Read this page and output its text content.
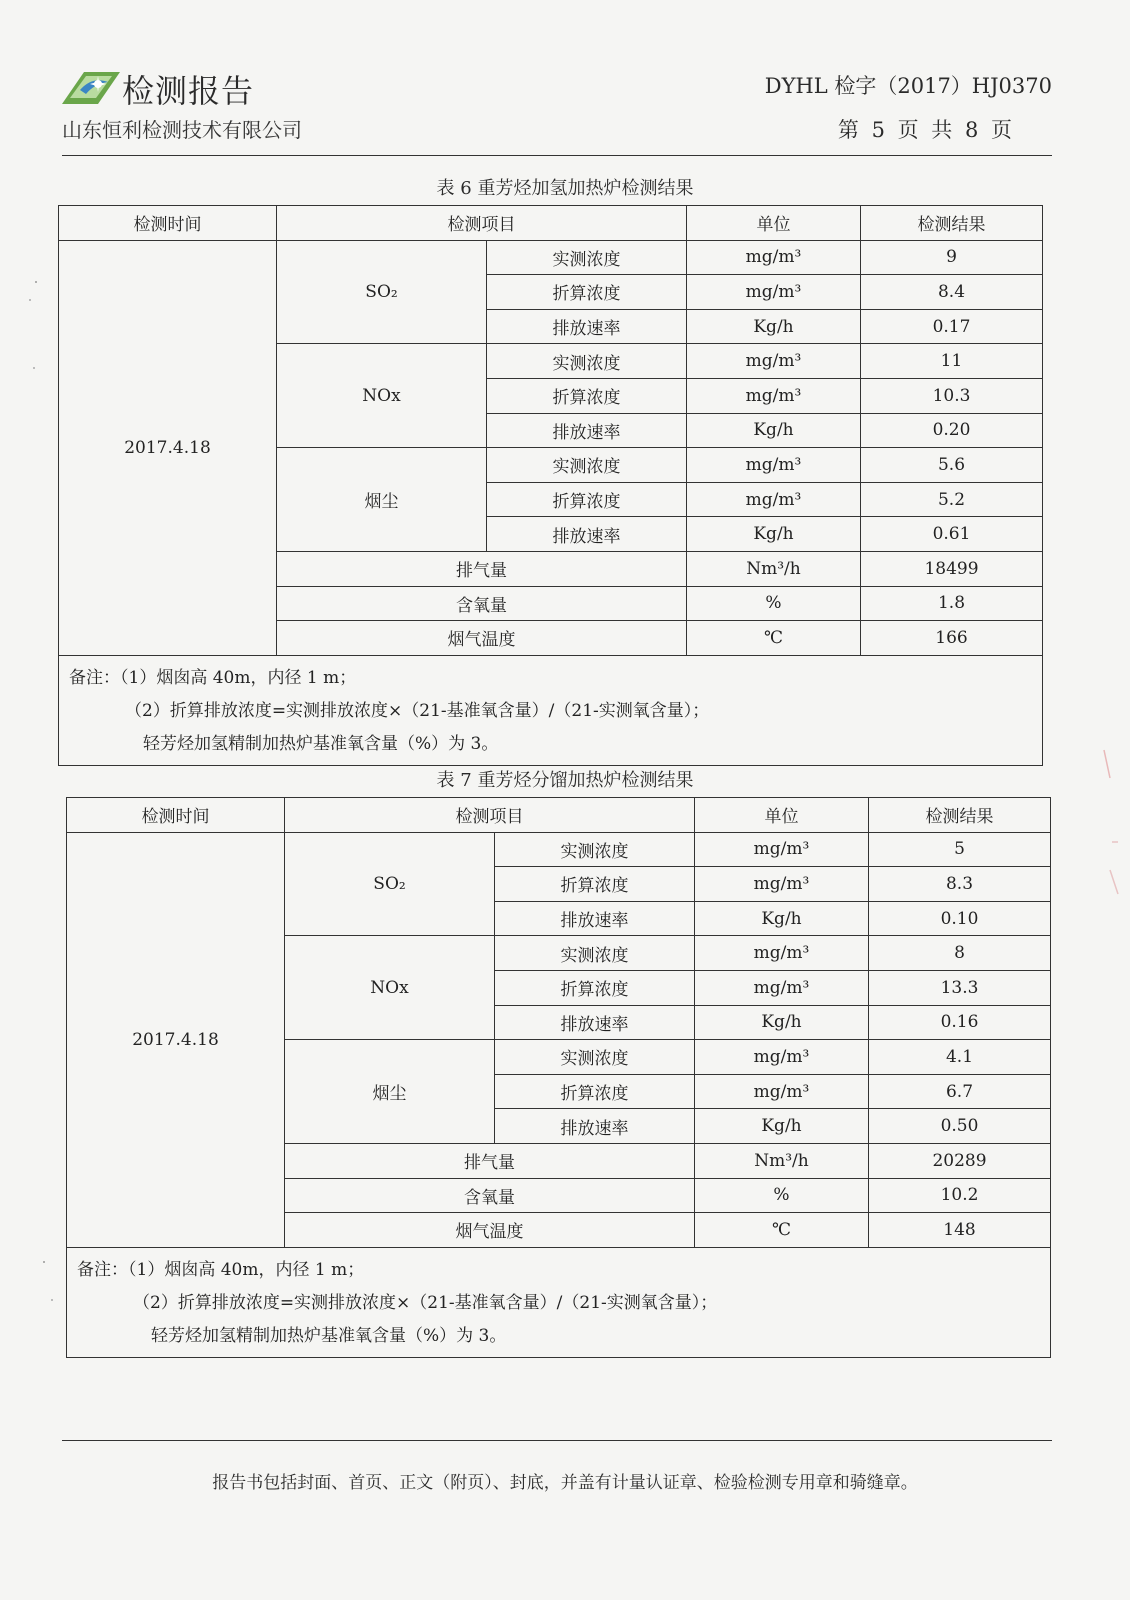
检测报告
山东恒利检测技术有限公司
DYHL 检字（2017）HJ0370
第 5 页 共 8 页
表 6 重芳烃加氢加热炉检测结果
检测时间	检测项目		单位	检测结果
2017.4.18	SO₂	实测浓度	mg/m³	9
		折算浓度	mg/m³	8.4
		排放速率	Kg/h	0.17
	NOx	实测浓度	mg/m³	11
		折算浓度	mg/m³	10.3
		排放速率	Kg/h	0.20
	烟尘	实测浓度	mg/m³	5.6
		折算浓度	mg/m³	5.2
		排放速率	Kg/h	0.61
	排气量		Nm³/h	18499
	含氧量		%	1.8
	烟气温度		℃	166

备注：（1）烟囱高 40m，内径 1 m；
（2）折算排放浓度=实测排放浓度×（21-基准氧含量）/（21-实测氧含量）；
轻芳烃加氢精制加热炉基准氧含量（%）为 3。				
表 7 重芳烃分馏加热炉检测结果
检测时间	检测项目		单位	检测结果
2017.4.18	SO₂	实测浓度	mg/m³	5
		折算浓度	mg/m³	8.3
		排放速率	Kg/h	0.10
	NOx	实测浓度	mg/m³	8
		折算浓度	mg/m³	13.3
		排放速率	Kg/h	0.16
	烟尘	实测浓度	mg/m³	4.1
		折算浓度	mg/m³	6.7
		排放速率	Kg/h	0.50
	排气量		Nm³/h	20289
	含氧量		%	10.2
	烟气温度		℃	148

备注：（1）烟囱高 40m，内径 1 m；
（2）折算排放浓度=实测排放浓度×（21-基准氧含量）/（21-实测氧含量）；
轻芳烃加氢精制加热炉基准氧含量（%）为 3。				
报告书包括封面、首页、正文（附页）、封底，并盖有计量认证章、检验检测专用章和骑缝章。
